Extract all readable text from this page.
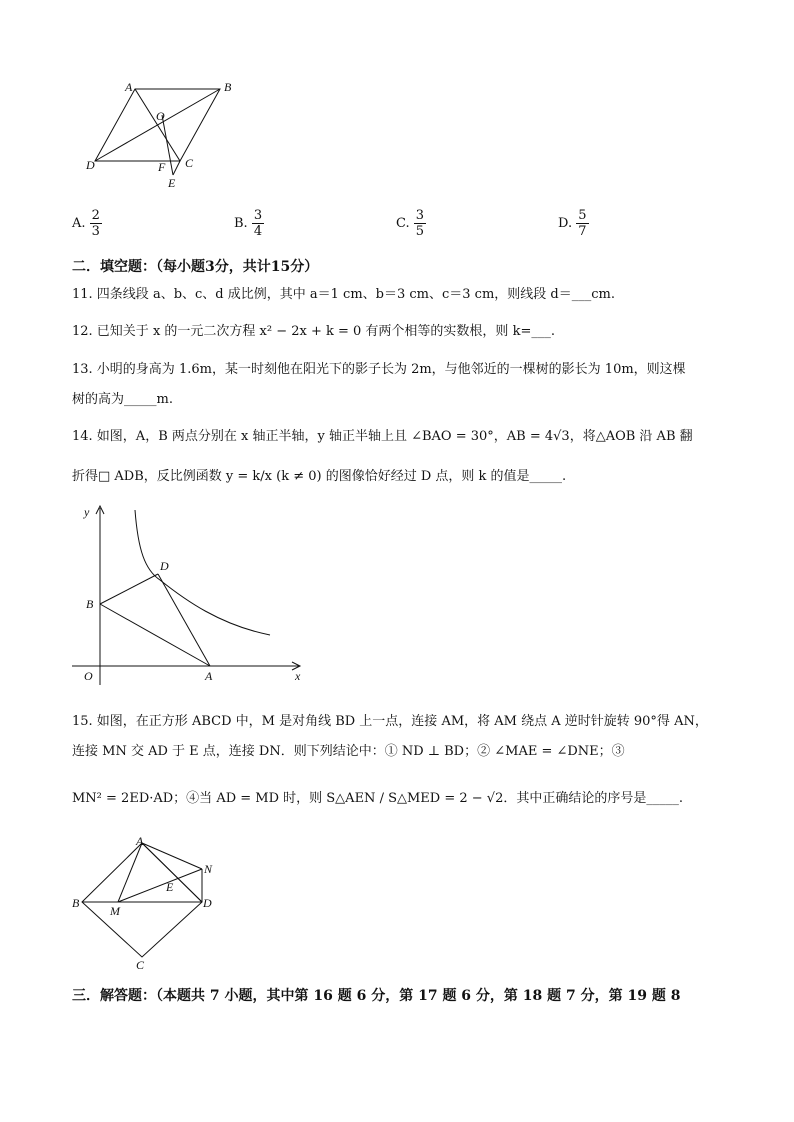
A	B
O
D	F C
E
A. $\frac{2}{3}$	B. $\frac{3}{4}$	C. $\frac{3}{5}$	D. $\frac{5}{7}$
二．填空题：（每小题3分，共计15分）
11. 四条线段 a、b、c、d 成比例，其中 a＝1 cm、b＝3 cm、c＝3 cm，则线段 d＝___cm.
12. 已知关于 x 的一元二次方程 x² − 2x + k = 0 有两个相等的实数根，则 k=___.
13. 小明的身高为 1.6m，某一时刻他在阳光下的影子长为 2m，与他邻近的一棵树的影长为 10m，则这棵
树的高为_____m.
14. 如图，A，B 两点分别在 x 轴正半轴，y 轴正半轴上且 ∠BAO = 30°，AB = 4√3，将△AOB 沿 AB 翻
折得□ ADB，反比例函数 y = k/x (k ≠ 0) 的图像恰好经过 D 点，则 k 的值是_____.
y
D
B
O	A	x
15. 如图，在正方形 ABCD 中，M 是对角线 BD 上一点，连接 AM，将 AM 绕点 A 逆时针旋转 90°得 AN，
连接 MN 交 AD 于 E 点，连接 DN．则下列结论中：① ND ⊥ BD；② ∠MAE = ∠DNE；③
MN² = 2ED·AD；④当 AD = MD 时，则 S△AEN / S△MED = 2 − √2．其中正确结论的序号是_____.
A
N
E
B
M
D
C
三．解答题：（本题共 7 小题，其中第 16 题 6 分，第 17 题 6 分，第 18 题 7 分，第 19 题 8
